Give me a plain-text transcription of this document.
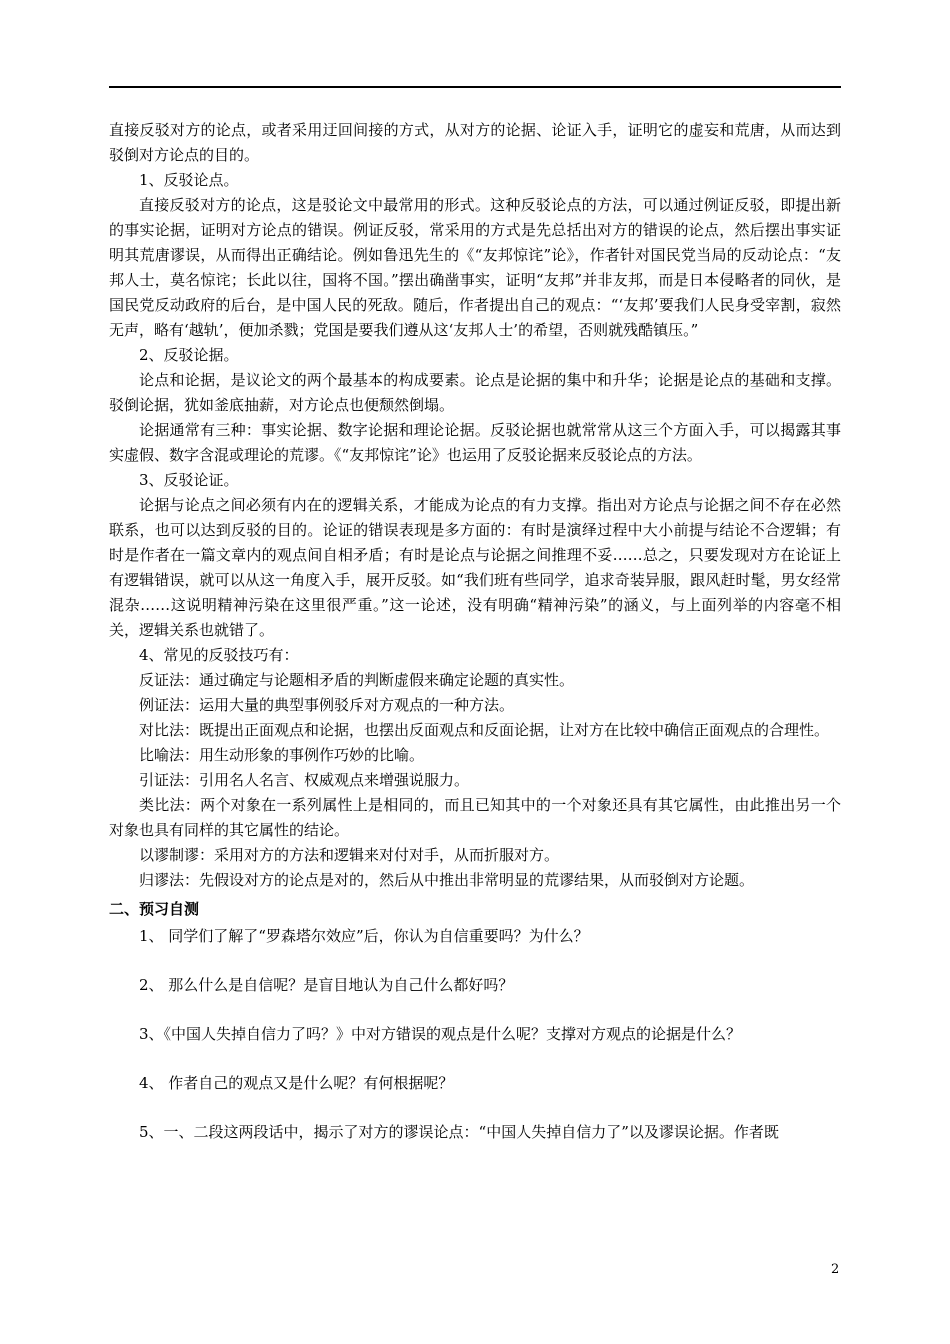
直接反驳对方的论点，或者采用迂回间接的方式，从对方的论据、论证入手，证明它的虚妄和荒唐，从而达到驳倒对方论点的目的。

1、反驳论点。

直接反驳对方的论点，这是驳论文中最常用的形式。这种反驳论点的方法，可以通过例证反驳，即提出新的事实论据，证明对方论点的错误。例证反驳，常采用的方式是先总括出对方的错误的论点，然后摆出事实证明其荒唐谬误，从而得出正确结论。例如鲁迅先生的《“友邦惊诧”论》，作者针对国民党当局的反动论点：“友邦人士，莫名惊诧；长此以往，国将不国。”摆出确凿事实，证明“友邦”并非友邦，而是日本侵略者的同伙，是国民党反动政府的后台，是中国人民的死敌。随后，作者提出自己的观点：“‘友邦’要我们人民身受宰割，寂然无声，略有‘越轨’，便加杀戮；党国是要我们遵从这‘友邦人士’的希望，否则就残酷镇压。”

2、反驳论据。

论点和论据，是议论文的两个最基本的构成要素。论点是论据的集中和升华；论据是论点的基础和支撑。驳倒论据，犹如釜底抽薪，对方论点也便颓然倒塌。

论据通常有三种：事实论据、数字论据和理论论据。反驳论据也就常常从这三个方面入手，可以揭露其事实虚假、数字含混或理论的荒谬。《“友邦惊诧”论》也运用了反驳论据来反驳论点的方法。

3、反驳论证。

论据与论点之间必须有内在的逻辑关系，才能成为论点的有力支撑。指出对方论点与论据之间不存在必然联系，也可以达到反驳的目的。论证的错误表现是多方面的：有时是演绎过程中大小前提与结论不合逻辑；有时是作者在一篇文章内的观点间自相矛盾；有时是论点与论据之间推理不妥……总之，只要发现对方在论证上有逻辑错误，就可以从这一角度入手，展开反驳。如“我们班有些同学，追求奇装异服，跟风赶时髦，男女经常混杂……这说明精神污染在这里很严重。”这一论述，没有明确“精神污染”的涵义，与上面列举的内容毫不相关，逻辑关系也就错了。

4、常见的反驳技巧有：

反证法：通过确定与论题相矛盾的判断虚假来确定论题的真实性。

例证法：运用大量的典型事例驳斥对方观点的一种方法。

对比法：既提出正面观点和论据，也摆出反面观点和反面论据，让对方在比较中确信正面观点的合理性。

比喻法：用生动形象的事例作巧妙的比喻。

引证法：引用名人名言、权威观点来增强说服力。

类比法：两个对象在一系列属性上是相同的，而且已知其中的一个对象还具有其它属性，由此推出另一个对象也具有同样的其它属性的结论。

以谬制谬：采用对方的方法和逻辑来对付对手，从而折服对方。

归谬法：先假设对方的论点是对的，然后从中推出非常明显的荒谬结果，从而驳倒对方论题。

二、预习自测

1、 同学们了解了“罗森塔尔效应”后，你认为自信重要吗？为什么？

2、 那么什么是自信呢？是盲目地认为自己什么都好吗？

3、《中国人失掉自信力了吗？》中对方错误的观点是什么呢？支撑对方观点的论据是什么？

4、 作者自己的观点又是什么呢？有何根据呢？

5、一、二段这两段话中，揭示了对方的谬误论点：“中国人失掉自信力了”以及谬误论据。作者既

2
